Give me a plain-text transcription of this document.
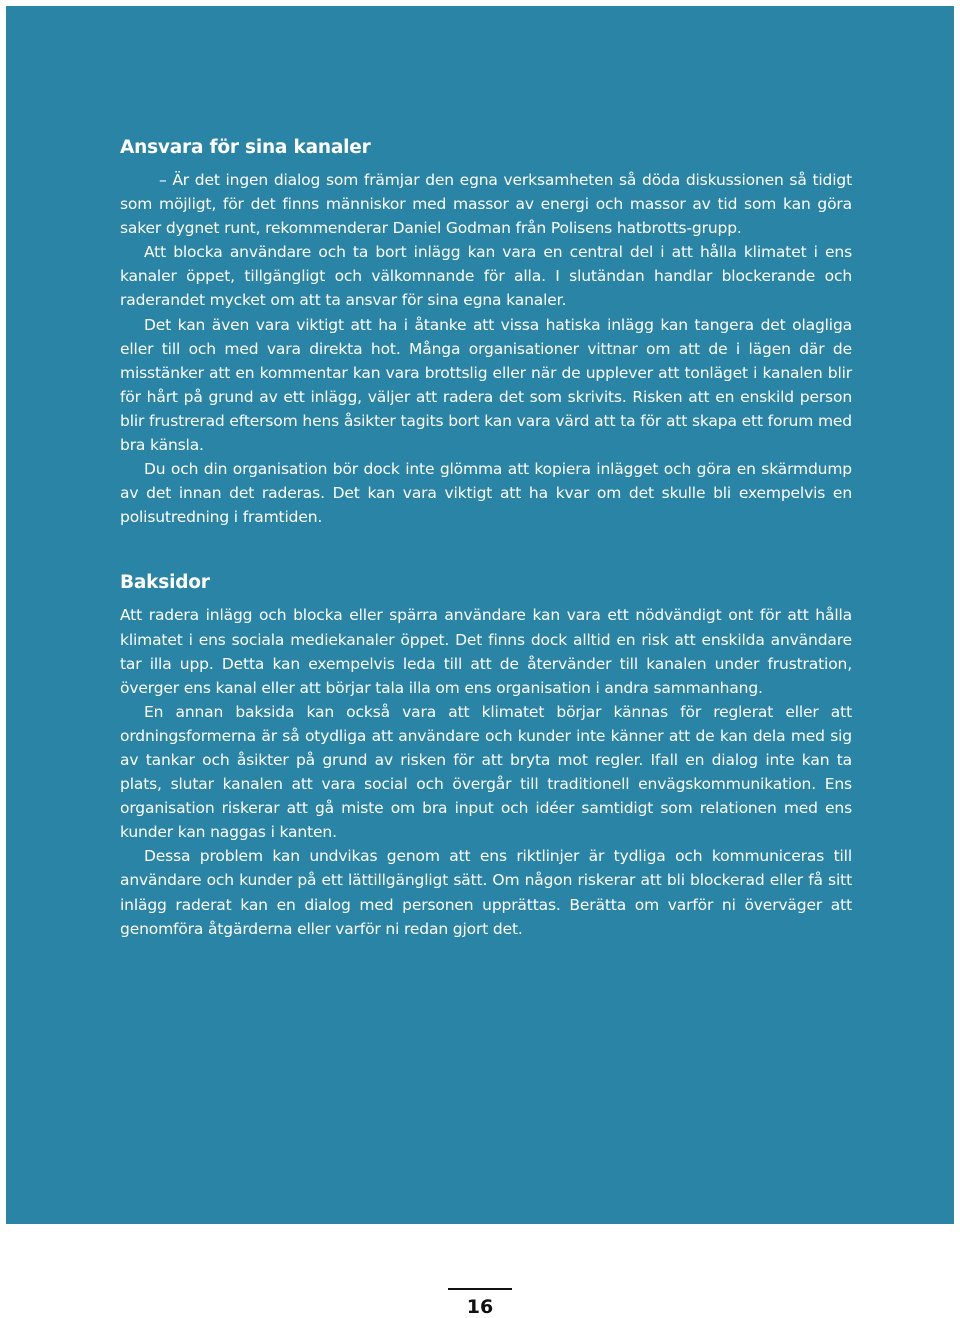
Ansvara för sina kanaler

– Är det ingen dialog som främjar den egna verksamheten så döda diskussionen så tidigt som möjligt, för det finns människor med massor av energi och massor av tid som kan göra saker dygnet runt, rekommenderar Daniel Godman från Polisens hatbrotts-grupp.

Att blocka användare och ta bort inlägg kan vara en central del i att hålla klimatet i ens kanaler öppet, tillgängligt och välkomnande för alla. I slutändan handlar blockerande och raderandet mycket om att ta ansvar för sina egna kanaler.

Det kan även vara viktigt att ha i åtanke att vissa hatiska inlägg kan tangera det olagliga eller till och med vara direkta hot. Många organisationer vittnar om att de i lägen där de misstänker att en kommentar kan vara brottslig eller när de upplever att tonläget i kanalen blir för hårt på grund av ett inlägg, väljer att radera det som skrivits. Risken att en enskild person blir frustrerad eftersom hens åsikter tagits bort kan vara värd att ta för att skapa ett forum med bra känsla.

Du och din organisation bör dock inte glömma att kopiera inlägget och göra en skärmdump av det innan det raderas. Det kan vara viktigt att ha kvar om det skulle bli exempelvis en polisutredning i framtiden.

Baksidor

Att radera inlägg och blocka eller spärra användare kan vara ett nödvändigt ont för att hålla klimatet i ens sociala mediekanaler öppet. Det finns dock alltid en risk att enskilda användare tar illa upp. Detta kan exempelvis leda till att de återvänder till kanalen under frustration, överger ens kanal eller att börjar tala illa om ens organisation i andra sammanhang.

En annan baksida kan också vara att klimatet börjar kännas för reglerat eller att ordningsformerna är så otydliga att användare och kunder inte känner att de kan dela med sig av tankar och åsikter på grund av risken för att bryta mot regler. Ifall en dialog inte kan ta plats, slutar kanalen att vara social och övergår till traditionell envägskommunikation. Ens organisation riskerar att gå miste om bra input och idéer samtidigt som relationen med ens kunder kan naggas i kanten.

Dessa problem kan undvikas genom att ens riktlinjer är tydliga och kommuniceras till användare och kunder på ett lättillgängligt sätt. Om någon riskerar att bli blockerad eller få sitt inlägg raderat kan en dialog med personen upprättas. Berätta om varför ni överväger att genomföra åtgärderna eller varför ni redan gjort det.

16
